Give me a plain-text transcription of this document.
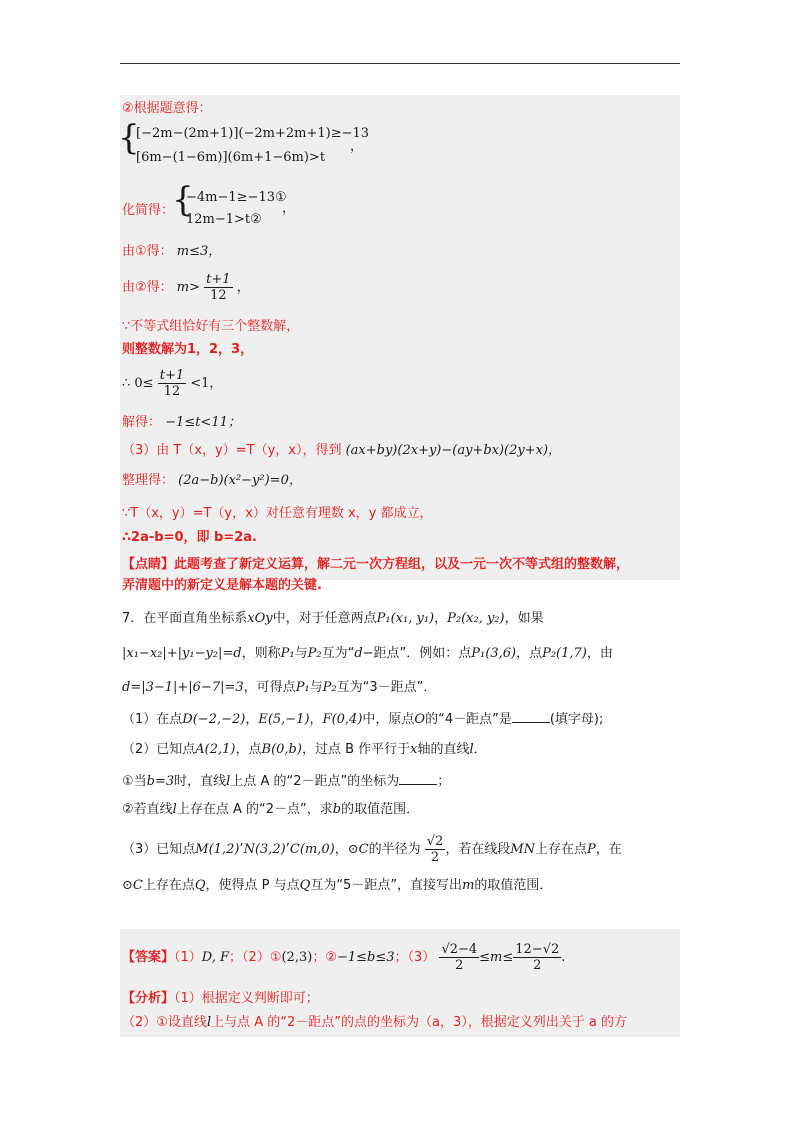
②根据题意得：
{
[−2m−(2m+1)](−2m+2m+1)≥−13
[6m−(1−6m)](6m+1−6m)>t
，
化简得：
{
−4m−1≥−13①
12m−1>t②
，
由①得： m≤3，
由②得： $m> \frac{t+1}{12}$ ，
∵不等式组恰好有三个整数解，
则整数解为1，2，3，
∴ $0\le \frac{t+1}{12} <1$，
解得： −1≤t<11；
（3）由 T（x，y）=T（y，x），得到 (ax+by)(2x+y)−(ay+bx)(2y+x)，
整理得： (2a−b)(x²−y²)=0，
∵T（x，y）=T（y，x）对任意有理数 x，y 都成立，
∴2a-b=0，即 b=2a.
【点睛】此题考查了新定义运算，解二元一次方程组，以及一元一次不等式组的整数解，
弄清题中的新定义是解本题的关键.
7．在平面直角坐标系xOy中，对于任意两点P₁(x₁, y₁)，P₂(x₂, y₂)，如果
|x₁−x₂|+|y₁−y₂|=d，则称P₁与P₂互为“d−距点”．例如：点P₁(3,6)，点P₂(1,7)，由
d=|3−1|+|6−7|=3，可得点P₁与P₂互为“3－距点”．
（1）在点D(−2,−2)，E(5,−1)，F(0,4)中，原点O的“4－距点”是	(填字母);
（2）已知点A(2,1)，点B(0,b)，过点 B 作平行于x轴的直线l．
①当b=3时，直线l上点 A 的“2－距点”的坐标为	；
②若直线l上存在点 A 的“2－点”，求b的取值范围．
（3）已知点M(1,2)’N(3,2)’C(m,0)，⊙C的半径为 $\frac{√2}{2}$ ，若在线段MN上存在点P，在
⊙C上存在点Q，使得点 P 与点Q互为“5－距点”，直接写出m的取值范围．
【答案】（1）D, F；（2）①(2,3)；②−1≤b≤3；$(3) \frac{√2-4}{2} \le m\le \frac{12-√2}{2}$ .
【分析】（1）根据定义判断即可；
（2）①设直线l上与点 A 的“2－距点”的点的坐标为（a，3），根据定义列出关于 a 的方
